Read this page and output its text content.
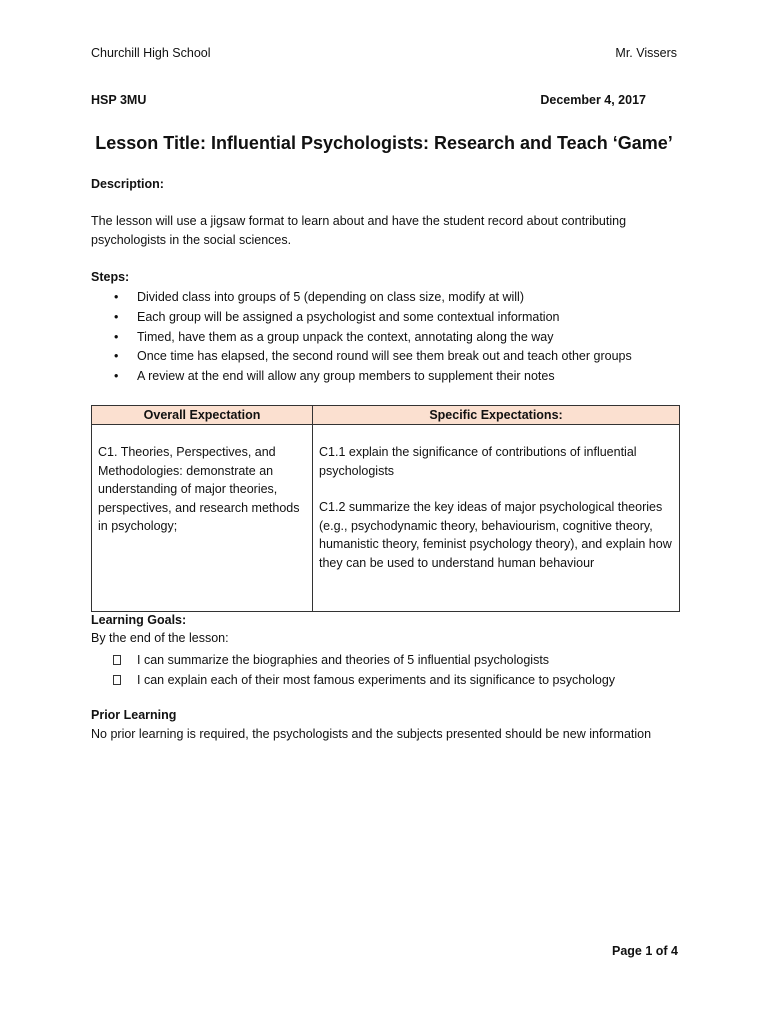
Churchill High School	Mr. Vissers
HSP 3MU	December 4, 2017
Lesson Title: Influential Psychologists: Research and Teach ‘Game’
Description:
The lesson will use a jigsaw format to learn about and have the student record about contributing psychologists in the social sciences.
Steps:
• Divided class into groups of 5 (depending on class size, modify at will)
• Each group will be assigned a psychologist and some contextual information
• Timed, have them as a group unpack the context, annotating along the way
• Once time has elapsed, the second round will see them break out and teach other groups
• A review at the end will allow any group members to supplement their notes
Overall Expectation	Specific Expectations:

C1. Theories, Perspectives, and Methodologies: demonstrate an understanding of major theories, perspectives, and research methods in psychology;	C1.1 explain the significance of contributions of influential psychologists
C1.2 summarize the key ideas of major psychological theories (e.g., psychodynamic theory, behaviourism, cognitive theory, humanistic theory, feminist psychology theory), and explain how they can be used to understand human behaviour
Learning Goals:
By the end of the lesson:
I can summarize the biographies and theories of 5 influential psychologists
I can explain each of their most famous experiments and its significance to psychology
Prior Learning
No prior learning is required, the psychologists and the subjects presented should be new information
Page 1 of 4
